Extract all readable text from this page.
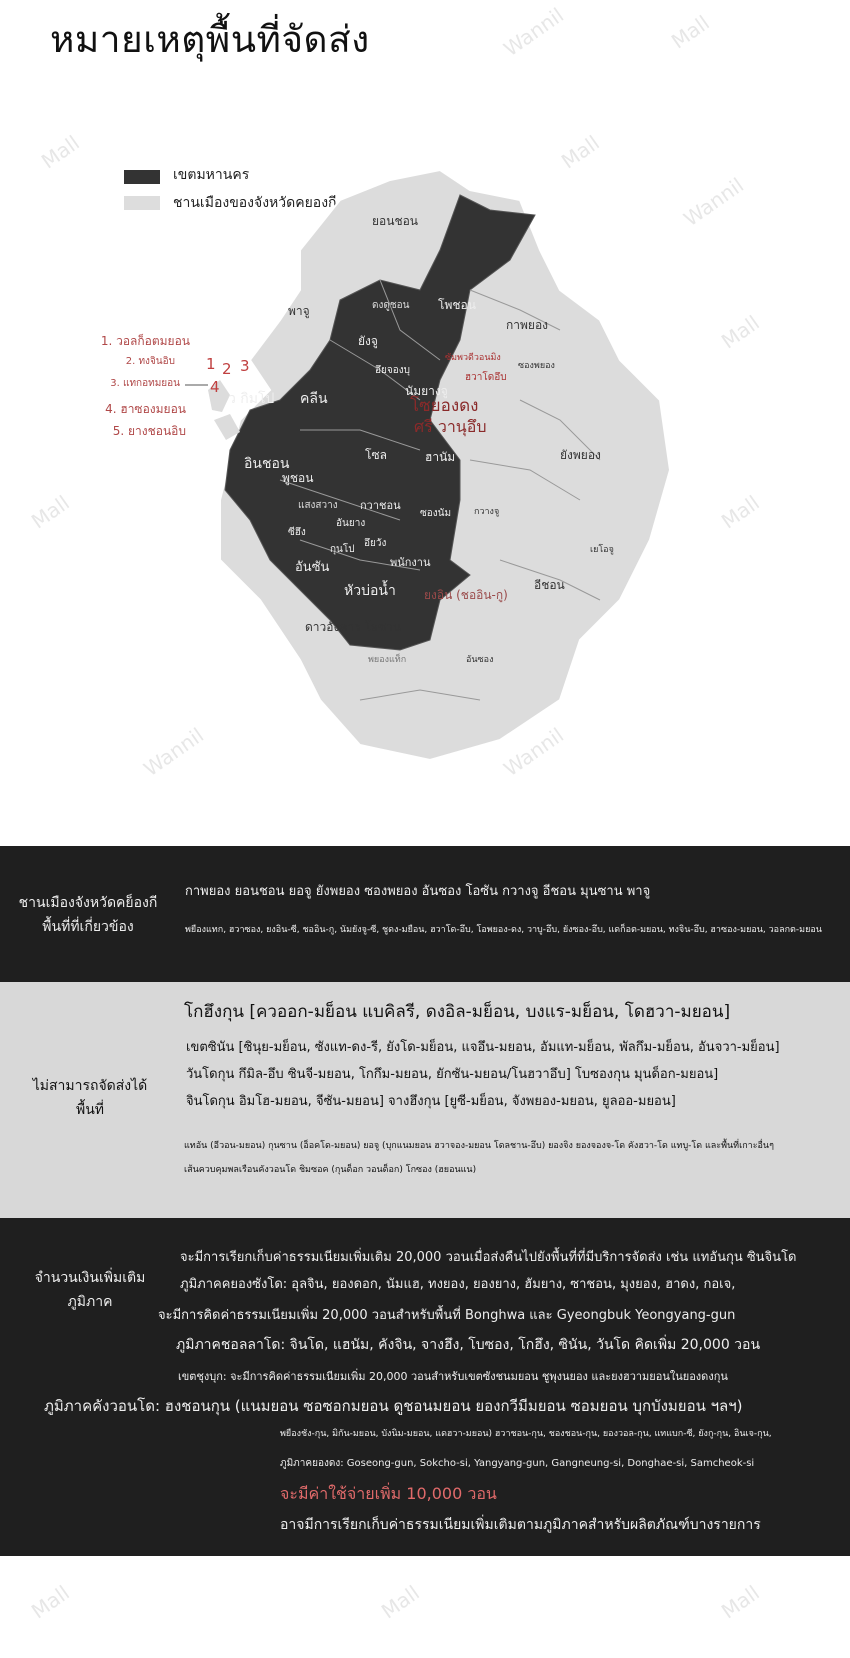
หมายเหตุพื้นที่จัดส่ง	Wannil	Mall
Mall	Mall
Wannil
Mall
Mall	Mall
Wannil	Wannil
Mall	Mall	Mall
เขตมหานคร
ชานเมืองของจังหวัดคยองกี
1. วอลก็อตมยอน
2. ทงจินอิบ
3. แทกอทมยอน
4. ฮาซองมยอน
5. ยางชอนอิบ
ดงดูชอน โพชอน
ยังจู
อึยจองบุ
นัมยางจู
คลีน
อินชอน
โซล	ฮานัม
พูชอน
แสงสวาง กวาชอน
ซองนัม
อันยาง
อึยวัง
ซีฮึง
กุนโป
อันซัน	พนักงาน
หัวบ่อน้ำ
ว กิมโป
ยอนชอน
พาจู
กาพยอง
ซองพยอง
ยังพยอง
กวางจู
เยโอจู
อีชอน
ดาวอังคาร โอซาน
พยองแท็ก	อันซอง
ซัมพวดีวอนมิง
ฮวาโดอึบ
โซยองดง
ศรี วานุอึบ
ยงอิน (ชออิน-กู)
1 2 3
4
ชานเมืองจังหวัดคย็องกี
พื้นที่ที่เกี่ยวข้อง
กาพยอง ยอนชอน ยอจู ยังพยอง ซองพยอง อันซอง โอซัน กวางจู อีชอน มุนซาน พาจู
พยืองแทก, ฮวาซอง, ยงอิน-ซี, ชออิน-กู, นัมยังจู-ซี, ชูดง-มยือน, ฮวาโด-อึบ, โอพยอง-ดง, วาบู-อึบ, ยังซอง-อึบ, แดก็อต-มยอน, ทงจิน-อึบ, ฮาซอง-มยอน, วอลกต-มยอน
ไม่สามารถจัดส่งได้
พื้นที่
โกฮึงกุน [ควออก-มย็อน แบคิลรี, ดงอิล-มย็อน, บงแร-มย็อน, โดฮวา-มยอน]
เขตซินัน [ซินุย-มย็อน, ซังแท-ดง-รี, ยังโด-มย็อน, แจอึน-มยอน, อัมแท-มย็อน, พัลกึม-มย็อน, อันจวา-มย็อน]
วันโดกุน กึมิล-อึบ ซินจี-มยอน, โกกึม-มยอน, ยักซัน-มยอน/โนฮวาอึบ] โบซองกุน มุนด็อก-มยอน]
จินโดกุน อิมโฮ-มยอน, จีซัน-มยอน] จางฮึงกุน [ยูซี-มย็อน, จังพยอง-มยอน, ยูลออ-มยอน]
แทอัน (อีวอน-มยอน) กุนซาน (อ็อคโด-มยอน) ยอจู (บุกแนมยอน ฮวาจอง-มยอน โดลชาน-อึบ) ยองจิง ยองจองจ-โด คังฮวา-โด แทบู-โด และพื้นที่เกาะอื่นๆ
เส้นควบคุมพลเรือนคังวอนโด ชิมซอค (กุนด็อก วอนด็อก) โกซอง (ฮยอนแน)
จำนวนเงินเพิ่มเติม
ภูมิภาค
จะมีการเรียกเก็บค่าธรรมเนียมเพิ่มเติม 20,000 วอนเมื่อส่งคืนไปยังพื้นที่ที่มีบริการจัดส่ง เช่น แทอันกุน ซินจินโด
ภูมิภาคคยองซังโด: อุลจิน, ยองดอก, นัมแฮ, ทงยอง, ยองยาง, ฮัมยาง, ซาชอน, มุงยอง, ฮาดง, กอเจ,
จะมีการคิดค่าธรรมเนียมเพิ่ม 20,000 วอนสำหรับพื้นที่ Bonghwa และ Gyeongbuk Yeongyang-gun
ภูมิภาคชอลลาโด: จินโด, แฮนัม, คังจิน, จางฮึง, โบซอง, โกฮึง, ซินัน, วันโด คิดเพิ่ม 20,000 วอน
เขตชุงบุก: จะมีการคิดค่าธรรมเนียมเพิ่ม 20,000 วอนสำหรับเขตซังชนมยอน ชูพุงนยอง และยงฮวามยอนในยองดงกุน
ภูมิภาคคังวอนโด: ฮงชอนกุน (แนมยอน ซอซอกมยอน ดูชอนมยอน ยองกวีมีมยอน ซอมยอน บุกบังมยอน ฯลฯ)
พยืองชัง-กุน, มิกัน-มยอน, บังนิม-มยอน, แดฮวา-มยอน) ฮวาชอน-กุน, ชองชอน-กุน, ยองวอล-กุน, แทแบก-ซี, ยังกู-กุน, อินเจ-กุน,
ภูมิภาคยองดง: Goseong-gun, Sokcho-si, Yangyang-gun, Gangneung-si, Donghae-si, Samcheok-si
จะมีค่าใช้จ่ายเพิ่ม 10,000 วอน
อาจมีการเรียกเก็บค่าธรรมเนียมเพิ่มเติมตามภูมิภาคสำหรับผลิตภัณฑ์บางรายการ
